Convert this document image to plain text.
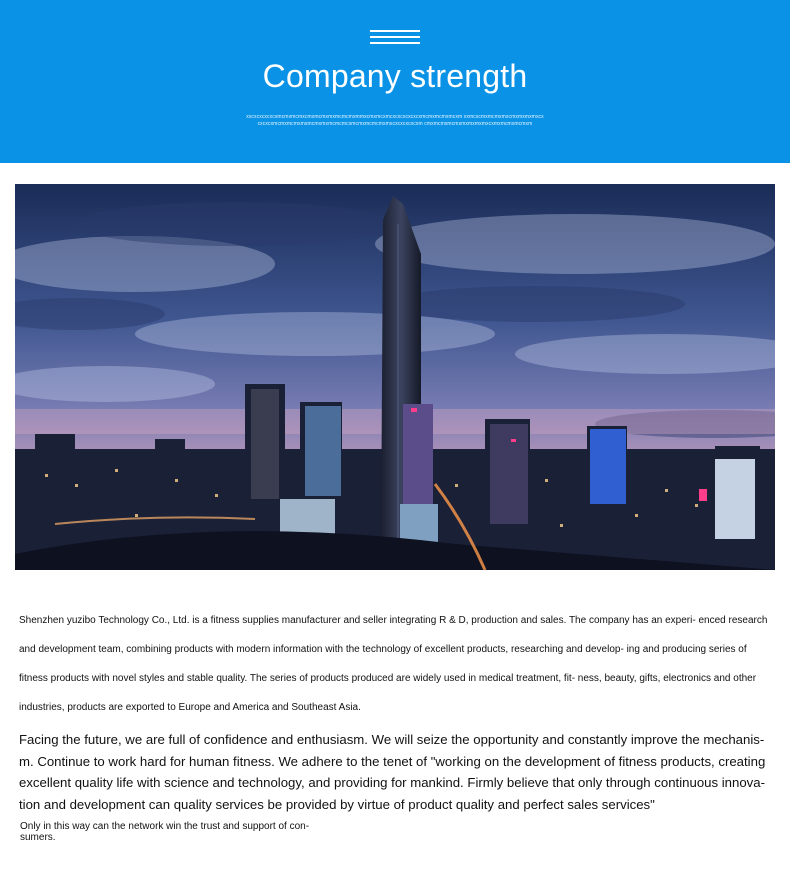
Company strength
xxcxcxcxcxcxmcmxmcmxcmxmcmxmxmcmcmxmmxcmxmcxmcxcxcxcxcxcxmcmxmcmxmcxm xxmcxcmxmcmxmxcmxmxmxmxcxcxcxcxmcmxmcmxmxmcmxmxmcmcmcxmcmxmcmcmxmxcxcxcxcxcxm cmxmcmxmcmxmxmxmxmxcxmxmcmxmcmxm
Shenzhen yuzibo Technology Co., Ltd. is a fitness supplies manufacturer and seller integrating R & D, production and sales. The company has an experi- enced research and development team, combining products with modern information with the technology of excellent products, researching and develop- ing and producing series of fitness products with novel styles and stable quality. The series of products produced are widely used in medical treatment, fit- ness, beauty, gifts, electronics and other industries, products are exported to Europe and America and Southeast Asia.
Facing the future, we are full of confidence and enthusiasm. We will seize the opportunity and constantly improve the mechanis- m. Continue to work hard for human fitness. We adhere to the tenet of "working on the development of fitness products, creating excellent quality life with science and technology, and providing for mankind. Firmly believe that only through continuous innova- tion and development can quality services be provided by virtue of product quality and perfect sales services"
Only in this way can the network win the trust and support of con- sumers.
